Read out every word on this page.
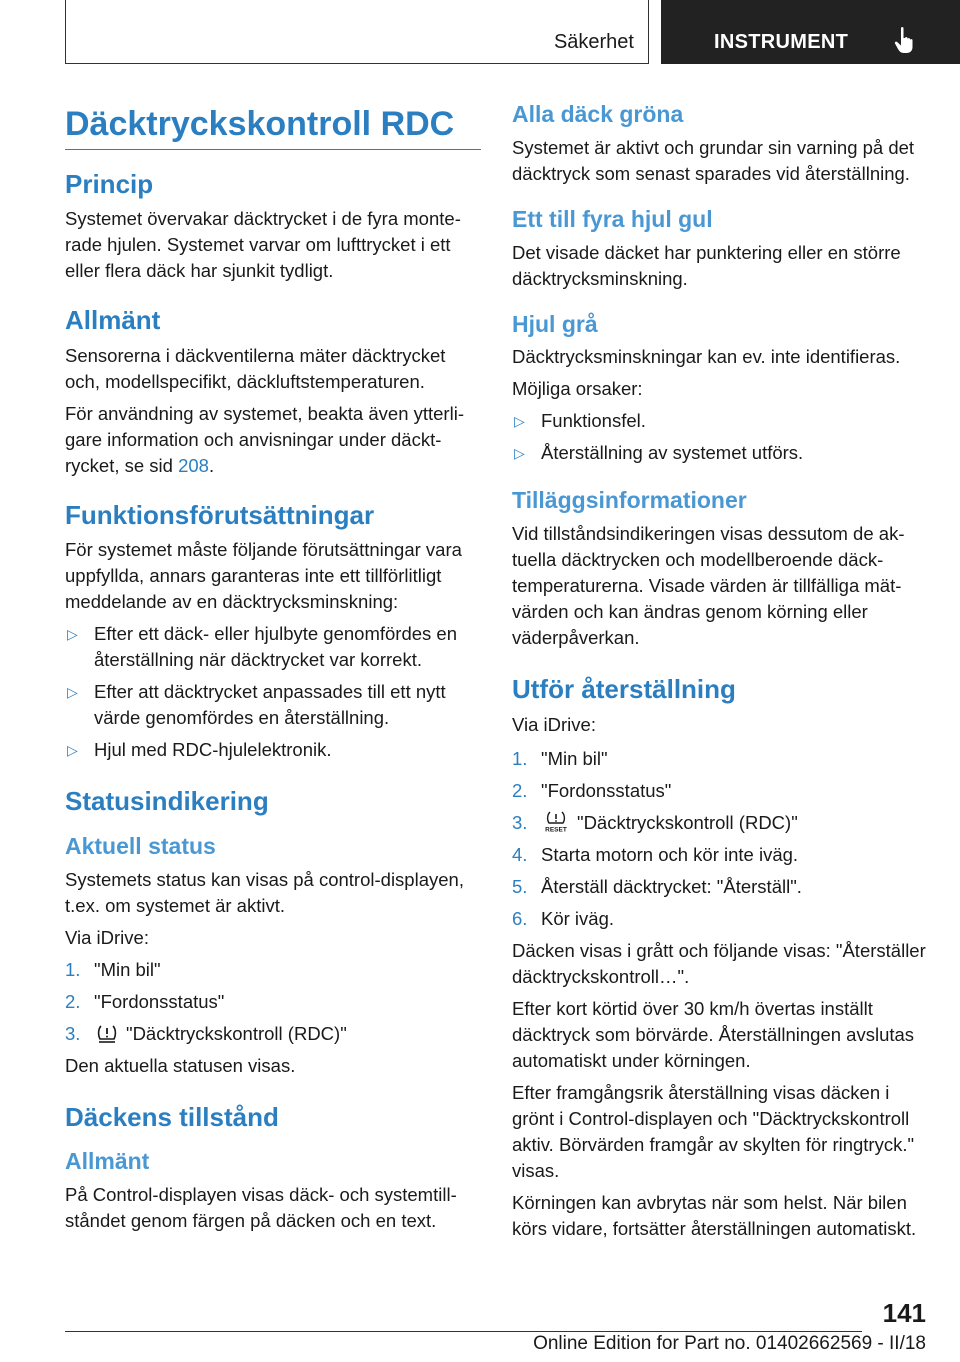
Säkerhet	INSTRUMENT
Däcktryckskontroll RDC
Princip

Systemet övervakar däcktrycket i de fyra monterade hjulen. Systemet varvar om lufttrycket i ett eller flera däck har sjunkit tydligt.

Allmänt

Sensorerna i däckventilerna mäter däcktrycket och, modellspecifikt, däckluftstemperaturen.

För användning av systemet, beakta även ytterligare information och anvisningar under däcktrycket, se sid 208.

Funktionsförutsättningar

För systemet måste följande förutsättningar vara uppfyllda, annars garanteras inte ett tillförlitligt meddelande av en däcktrycksminskning:

▷ Efter ett däck- eller hjulbyte genomfördes en återställning när däcktrycket var korrekt.
▷ Efter att däcktrycket anpassades till ett nytt värde genomfördes en återställning.
▷ Hjul med RDC-hjulelektronik.
Statusindikering
Aktuell status

Systemets status kan visas på control-displayen, t.ex. om systemet är aktivt.

Via iDrive:

1. "Min bil"
2. "Fordonsstatus"
3. "Däcktryckskontroll (RDC)"

Den aktuella statusen visas.

Däckens tillstånd
Allmänt

På Control-displayen visas däck- och systemtillståndet genom färgen på däcken och en text.

Alla däck gröna

Systemet är aktivt och grundar sin varning på det däcktryck som senast sparades vid återställning.

Ett till fyra hjul gul

Det visade däcket har punktering eller en större däcktrycksminskning.

Hjul grå

Däcktrycksminskningar kan ev. inte identifieras.

Möjliga orsaker:

▷ Funktionsfel.
▷ Återställning av systemet utförs.
Tilläggsinformationer

Vid tillståndsindikeringen visas dessutom de aktuella däcktrycken och modellberoende däcktemperaturerna. Visade värden är tillfälliga mätvärden och kan ändras genom körning eller väderpåverkan.

Utför återställning

Via iDrive:

1. "Min bil"
2. "Fordonsstatus"
3.	RESET "Däcktryckskontroll (RDC)"
4. Starta motorn och kör inte iväg.
5. Återställ däcktrycket: "Återställ".
6. Kör iväg.

Däcken visas i grått och följande visas: "Återställer däcktryckskontroll…".

Efter kort körtid över 30 km/h övertas inställt däcktryck som börvärde. Återställningen avslutas automatiskt under körningen.

Efter framgångsrik återställning visas däcken i grönt i Control-displayen och "Däcktryckskontroll aktiv. Börvärden framgår av skylten för ringtryck." visas.

Körningen kan avbrytas när som helst. När bilen körs vidare, fortsätter återställningen automatiskt.

141
Online Edition for Part no. 01402662569 - II/18
